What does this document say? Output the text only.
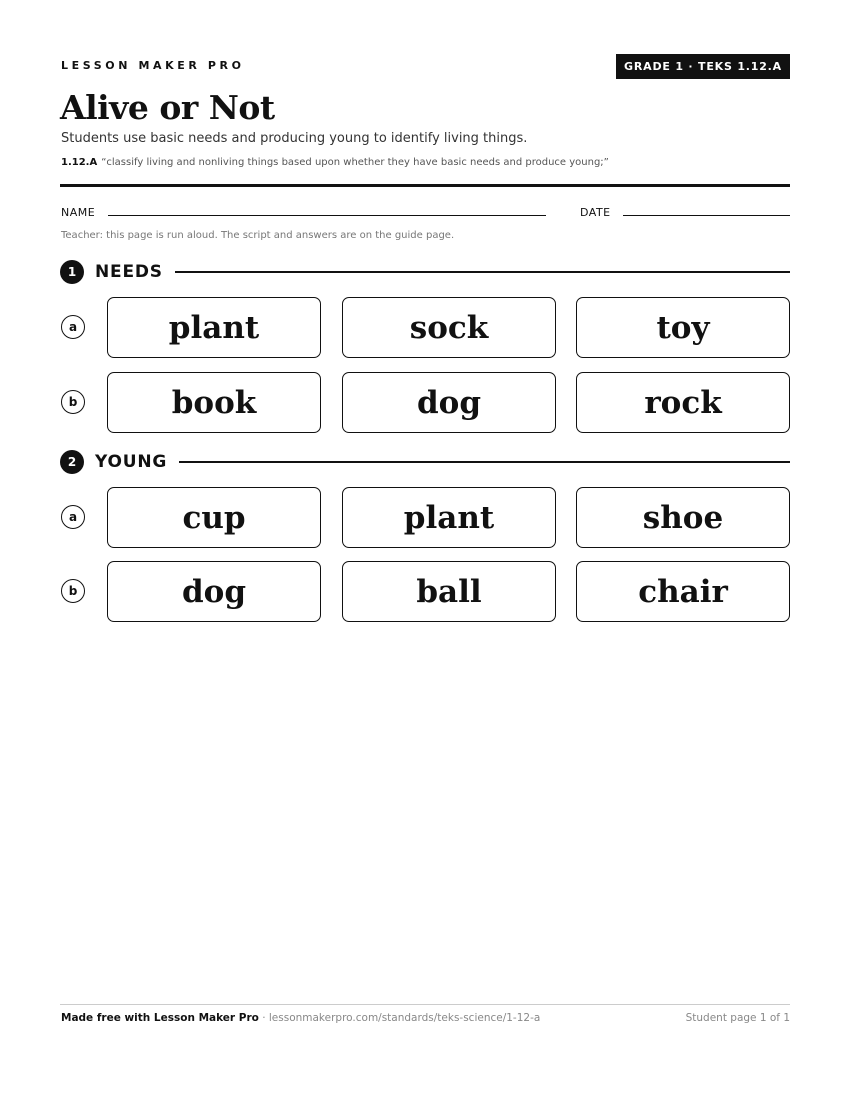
LESSON MAKER PRO	GRADE 1 · TEKS 1.12.A
Alive or Not
Students use basic needs and producing young to identify living things.
1.12.A “classify living and nonliving things based upon whether they have basic needs and produce young;”
NAME	DATE
Teacher: this page is run aloud. The script and answers are on the guide page.
1	NEEDS
a	plant	sock	toy
b	book	dog	rock
2	YOUNG
a	cup	plant	shoe
b	dog	ball	chair
Made free with Lesson Maker Pro · lessonmakerpro.com/standards/teks-science/1-12-a	Student page 1 of 1
